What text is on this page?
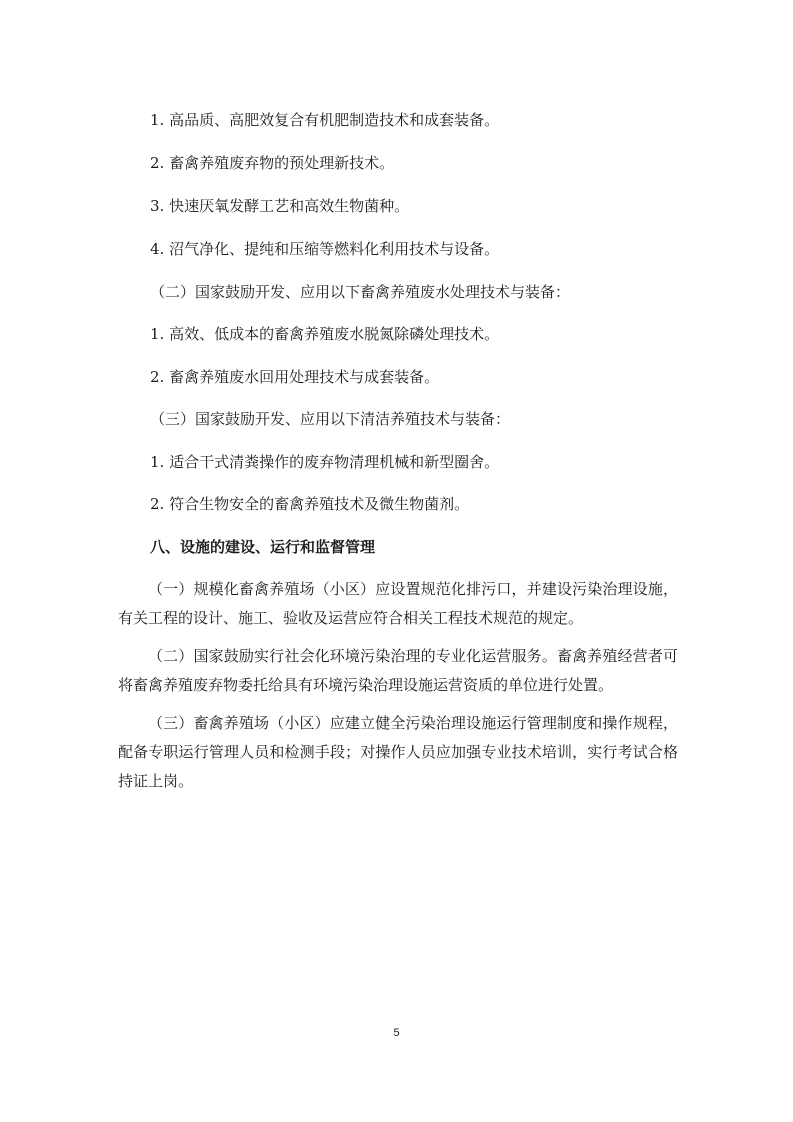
1. 高品质、高肥效复合有机肥制造技术和成套装备。
2. 畜禽养殖废弃物的预处理新技术。
3. 快速厌氧发酵工艺和高效生物菌种。
4. 沼气净化、提纯和压缩等燃料化利用技术与设备。
（二）国家鼓励开发、应用以下畜禽养殖废水处理技术与装备：
1. 高效、低成本的畜禽养殖废水脱氮除磷处理技术。
2. 畜禽养殖废水回用处理技术与成套装备。
（三）国家鼓励开发、应用以下清洁养殖技术与装备：
1. 适合干式清粪操作的废弃物清理机械和新型圈舍。
2. 符合生物安全的畜禽养殖技术及微生物菌剂。
八、设施的建设、运行和监督管理

（一）规模化畜禽养殖场（小区）应设置规范化排污口，并建设污染治理设施，有关工程的设计、施工、验收及运营应符合相关工程技术规范的规定。

（二）国家鼓励实行社会化环境污染治理的专业化运营服务。畜禽养殖经营者可将畜禽养殖废弃物委托给具有环境污染治理设施运营资质的单位进行处置。

（三）畜禽养殖场（小区）应建立健全污染治理设施运行管理制度和操作规程，配备专职运行管理人员和检测手段；对操作人员应加强专业技术培训，实行考试合格持证上岗。

5
